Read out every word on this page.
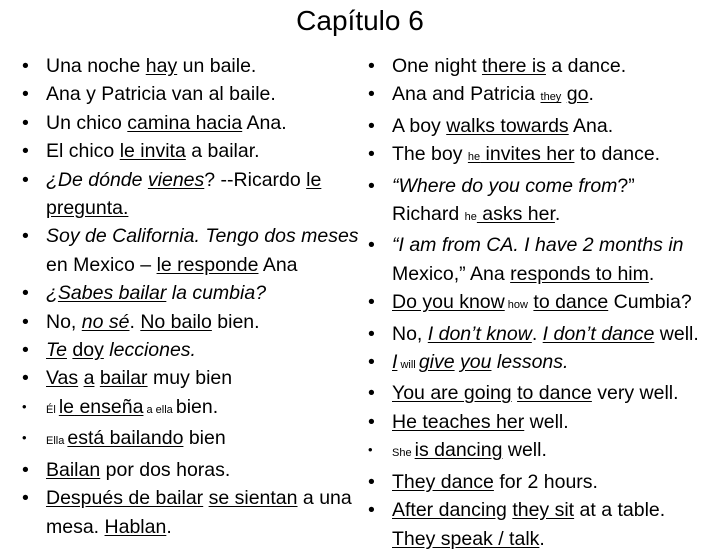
Capítulo 6
• Una noche hay un baile.
• Ana y Patricia van al baile.
• Un chico camina hacia Ana.
• El chico le invita a bailar.
• ¿De dónde vienes? --Ricardo le
pregunta.
• Soy de California. Tengo dos meses
en Mexico – le responde Ana
• ¿Sabes bailar la cumbia?
• No, no sé. No bailo bien.
• Te doy lecciones.
• Vas a bailar muy bien
• Él le enseña a ella bien.
• Ella está bailando bien
• Bailan por dos horas.
• Después de bailar se sientan a una
mesa. Hablan.
• One night there is a dance.
• Ana and Patricia they go.
• A boy walks towards Ana.
• The boy he invites her to dance.
• “Where do you come from?”
Richard he asks her.
• “I am from CA. I have 2 months in
Mexico,” Ana responds to him.
• Do you know how to dance Cumbia?
• No, I don’t know. I don’t dance well.
• I will give you lessons.
• You are going to dance very well.
• He teaches her well.
• She is dancing well.
• They dance for 2 hours.
• After dancing they sit at a table.
They speak / talk.
